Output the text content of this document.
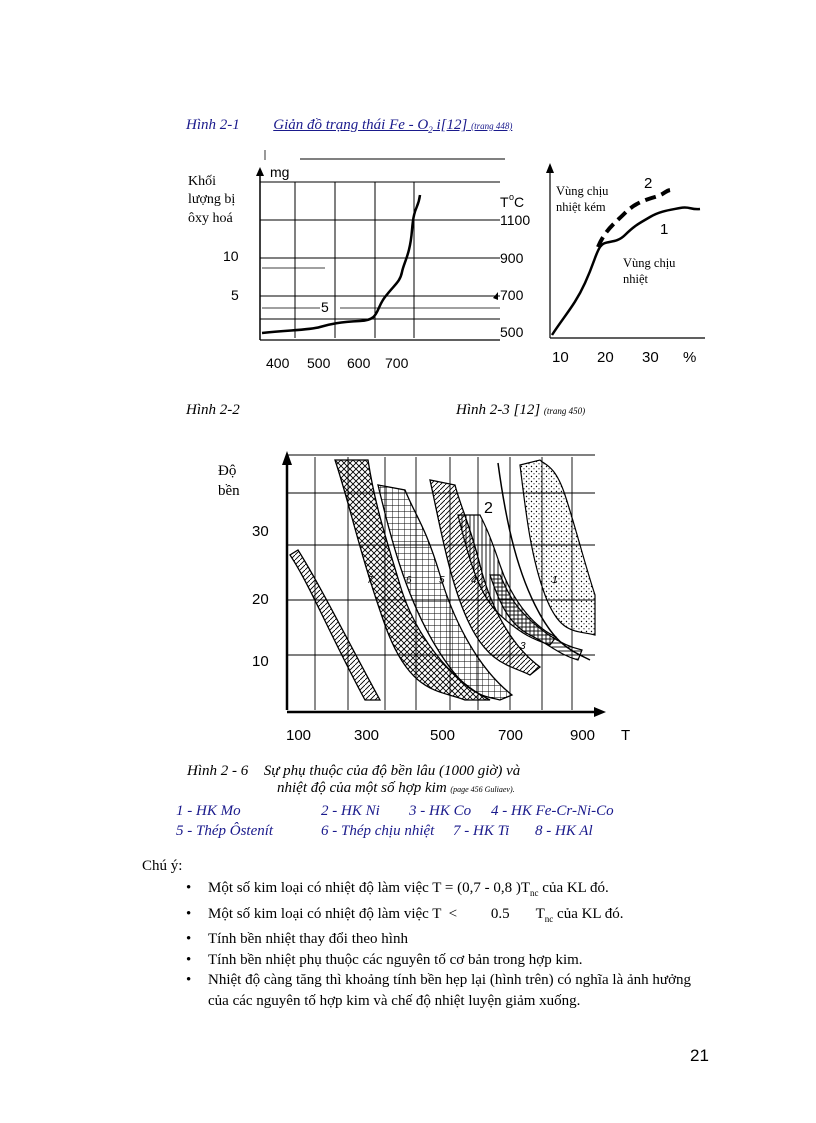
Hình 2-1 Giản đồ trạng thái Fe - $O_2$ i[12] (trang 448)
Khối
lượng bị
ôxy hoá
mg
10
5
5
T o C
1100
900
700
500
400 500 600 700
Vùng chịu
nhiệt kém
Vùng chịu
nhiệt
2
1
10 20 30 %
Hình 2-2	Hình 2-3 [12] (trang 450)
7	6	5	4	1
3
2
Độ
bền
30
20
10
100	300	500	700	900 T
Hình 2 - 6 Sự phụ thuộc của độ bền lâu (1000 giờ) và
nhiệt độ của một số hợp kim (page 456 Guliaev).
1 - HK Mo	2 - HK Ni 3 - HK Co 4 - HK Fe-Cr-Ni-Co
5 - Thép Ôstenít	6 - Thép chịu nhiệt 7 - HK Ti 8 - HK Al
Chú ý:
• Một số kim loại có nhiệt độ làm việc T = (0,7 - 0,8 )$T_{nc}$ của KL đó.
• Một số kim loại có nhiệt độ làm việc T  <         0.5       $T_{nc}$ của KL đó.
• Tính bền nhiệt thay đổi theo hình
• Tính bền nhiệt phụ thuộc các nguyên tố cơ bản trong hợp kim.
• Nhiệt độ càng tăng thì khoảng tính bền hẹp lại (hình trên) có nghĩa là ảnh hưởng của các nguyên tố hợp kim và chế độ nhiệt luyện giảm xuống.
21
